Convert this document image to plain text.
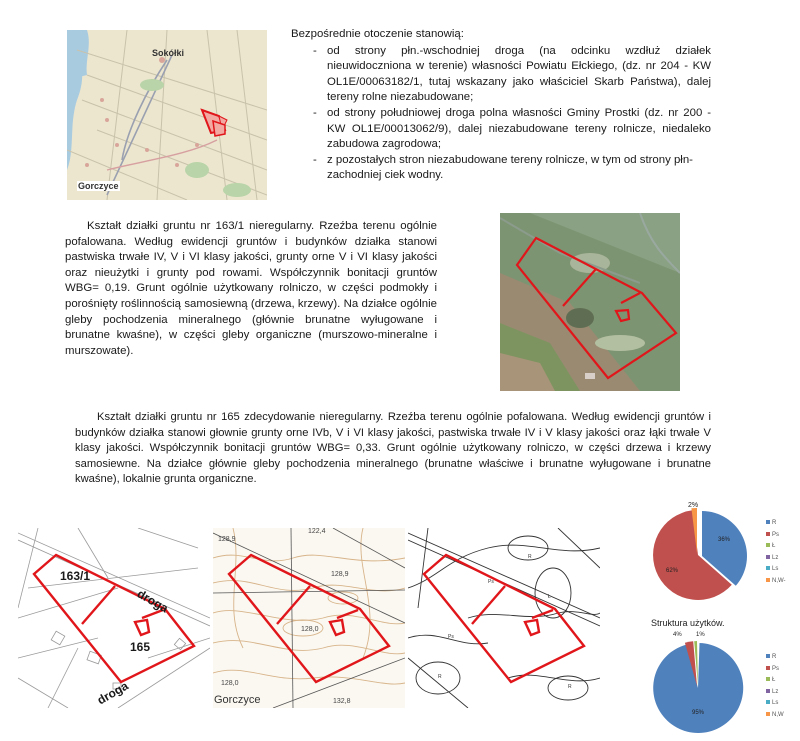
Sokółki
Gorczyce
Bezpośrednie otoczenie stanowią:
- od strony płn.-wschodniej droga (na odcinku wzdłuż działek nieuwidoczniona w terenie) własności Powiatu Ełckiego, (dz. nr 204 - KW OL1E/00063182/1, tutaj wskazany jako właściciel Skarb Państwa), dalej tereny rolne niezabudowane;
- od strony południowej droga polna własności Gminy Prostki (dz. nr 200 - KW OL1E/00013062/9), dalej niezabudowane tereny rolnicze, niedaleko zabudowa zagrodowa;
- z pozostałych stron niezabudowane tereny rolnicze, w tym od strony płn-zachodniej ciek wodny.
Kształt działki gruntu nr 163/1 nieregularny. Rzeźba terenu ogólnie pofalowana. Według ewidencji gruntów i budynków działka stanowi pastwiska trwałe IV, V i VI klasy jakości, grunty orne V i VI klasy jakości oraz nieużytki i grunty pod rowami. Współczynnik bonitacji gruntów WBG= 0,19. Grunt ogólnie użytkowany rolniczo, w części podmokły i porośnięty roślinnością samosiewną (drzewa, krzewy). Na działce ogólnie gleby pochodzenia mineralnego (głównie brunatne wyługowane i brunatne kwaśne), w części gleby organiczne (murszowo-mineralne i murszowate).
Kształt działki gruntu nr 165 zdecydowanie nieregularny. Rzeźba terenu ogólnie pofalowana. Według ewidencji gruntów i budynków działka stanowi głownie grunty orne IVb, V i VI klasy jakości, pastwiska trwałe IV i V klasy jakości oraz łąki trwałe V klasy jakości. Współczynnik bonitacji gruntów WBG= 0,33. Grunt ogólnie użytkowany rolniczo, w części drzewa i krzewy samosiewne. Na działce głównie gleby pochodzenia mineralnego (brunatne właściwe i brunatne wyługowane i brunatne kwaśne), lokalnie grunta organiczne.
163/1
165
droga
droga
128,9
122,4
128,9
128,0
128,0
132,8
Gorczyce
Ps
R
Ł
R
R
Ps
36%
62%
2%
R
Ps
Ł
Lz
Ls
N,W-
Struktura użytków.
95%
4% 1%
R
Ps
Ł
Lz
Ls
N,W
